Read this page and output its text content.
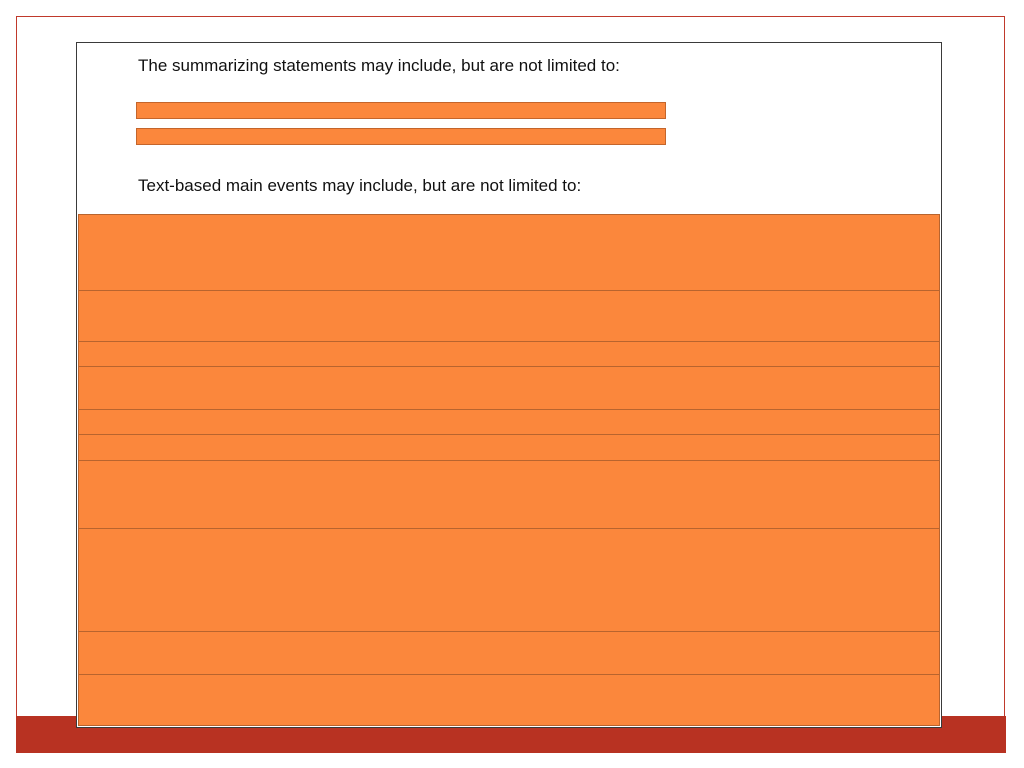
The summarizing statements may include, but are not limited to:
Text-based main events may include, but are not limited to:
